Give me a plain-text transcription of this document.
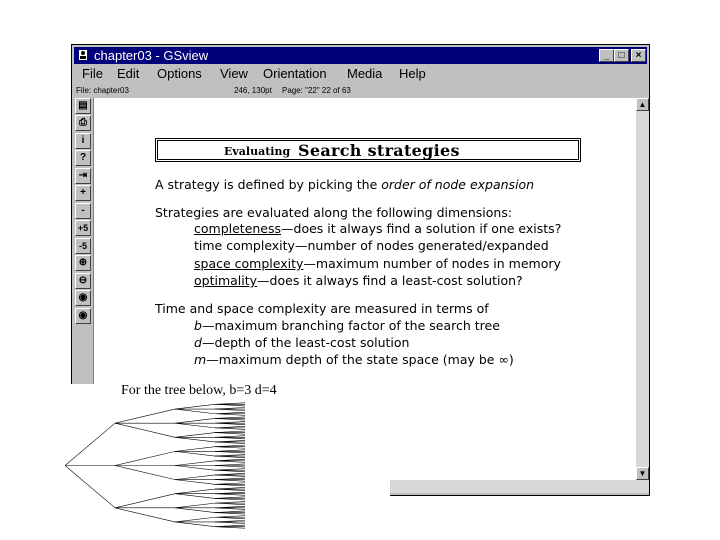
chapter03 - GSview	_ □	×
File Edit Options View Orientation Media Help
File: chapter03	246, 130pt Page: "22" 22 of 63
▤
⎙
i
?
⇥
+
-
+5
-5
⊕
⊖
◉
◉
▲
▼
Evaluating Search strategies
A strategy is defined by picking the order of node expansion
Strategies are evaluated along the following dimensions:
completeness—does it always find a solution if one exists?
time complexity—number of nodes generated/expanded
space complexity—maximum number of nodes in memory
optimality—does it always find a least-cost solution?
Time and space complexity are measured in terms of
b—maximum branching factor of the search tree
d—depth of the least-cost solution
m—maximum depth of the state space (may be ∞)
For the tree below, b=3 d=4
